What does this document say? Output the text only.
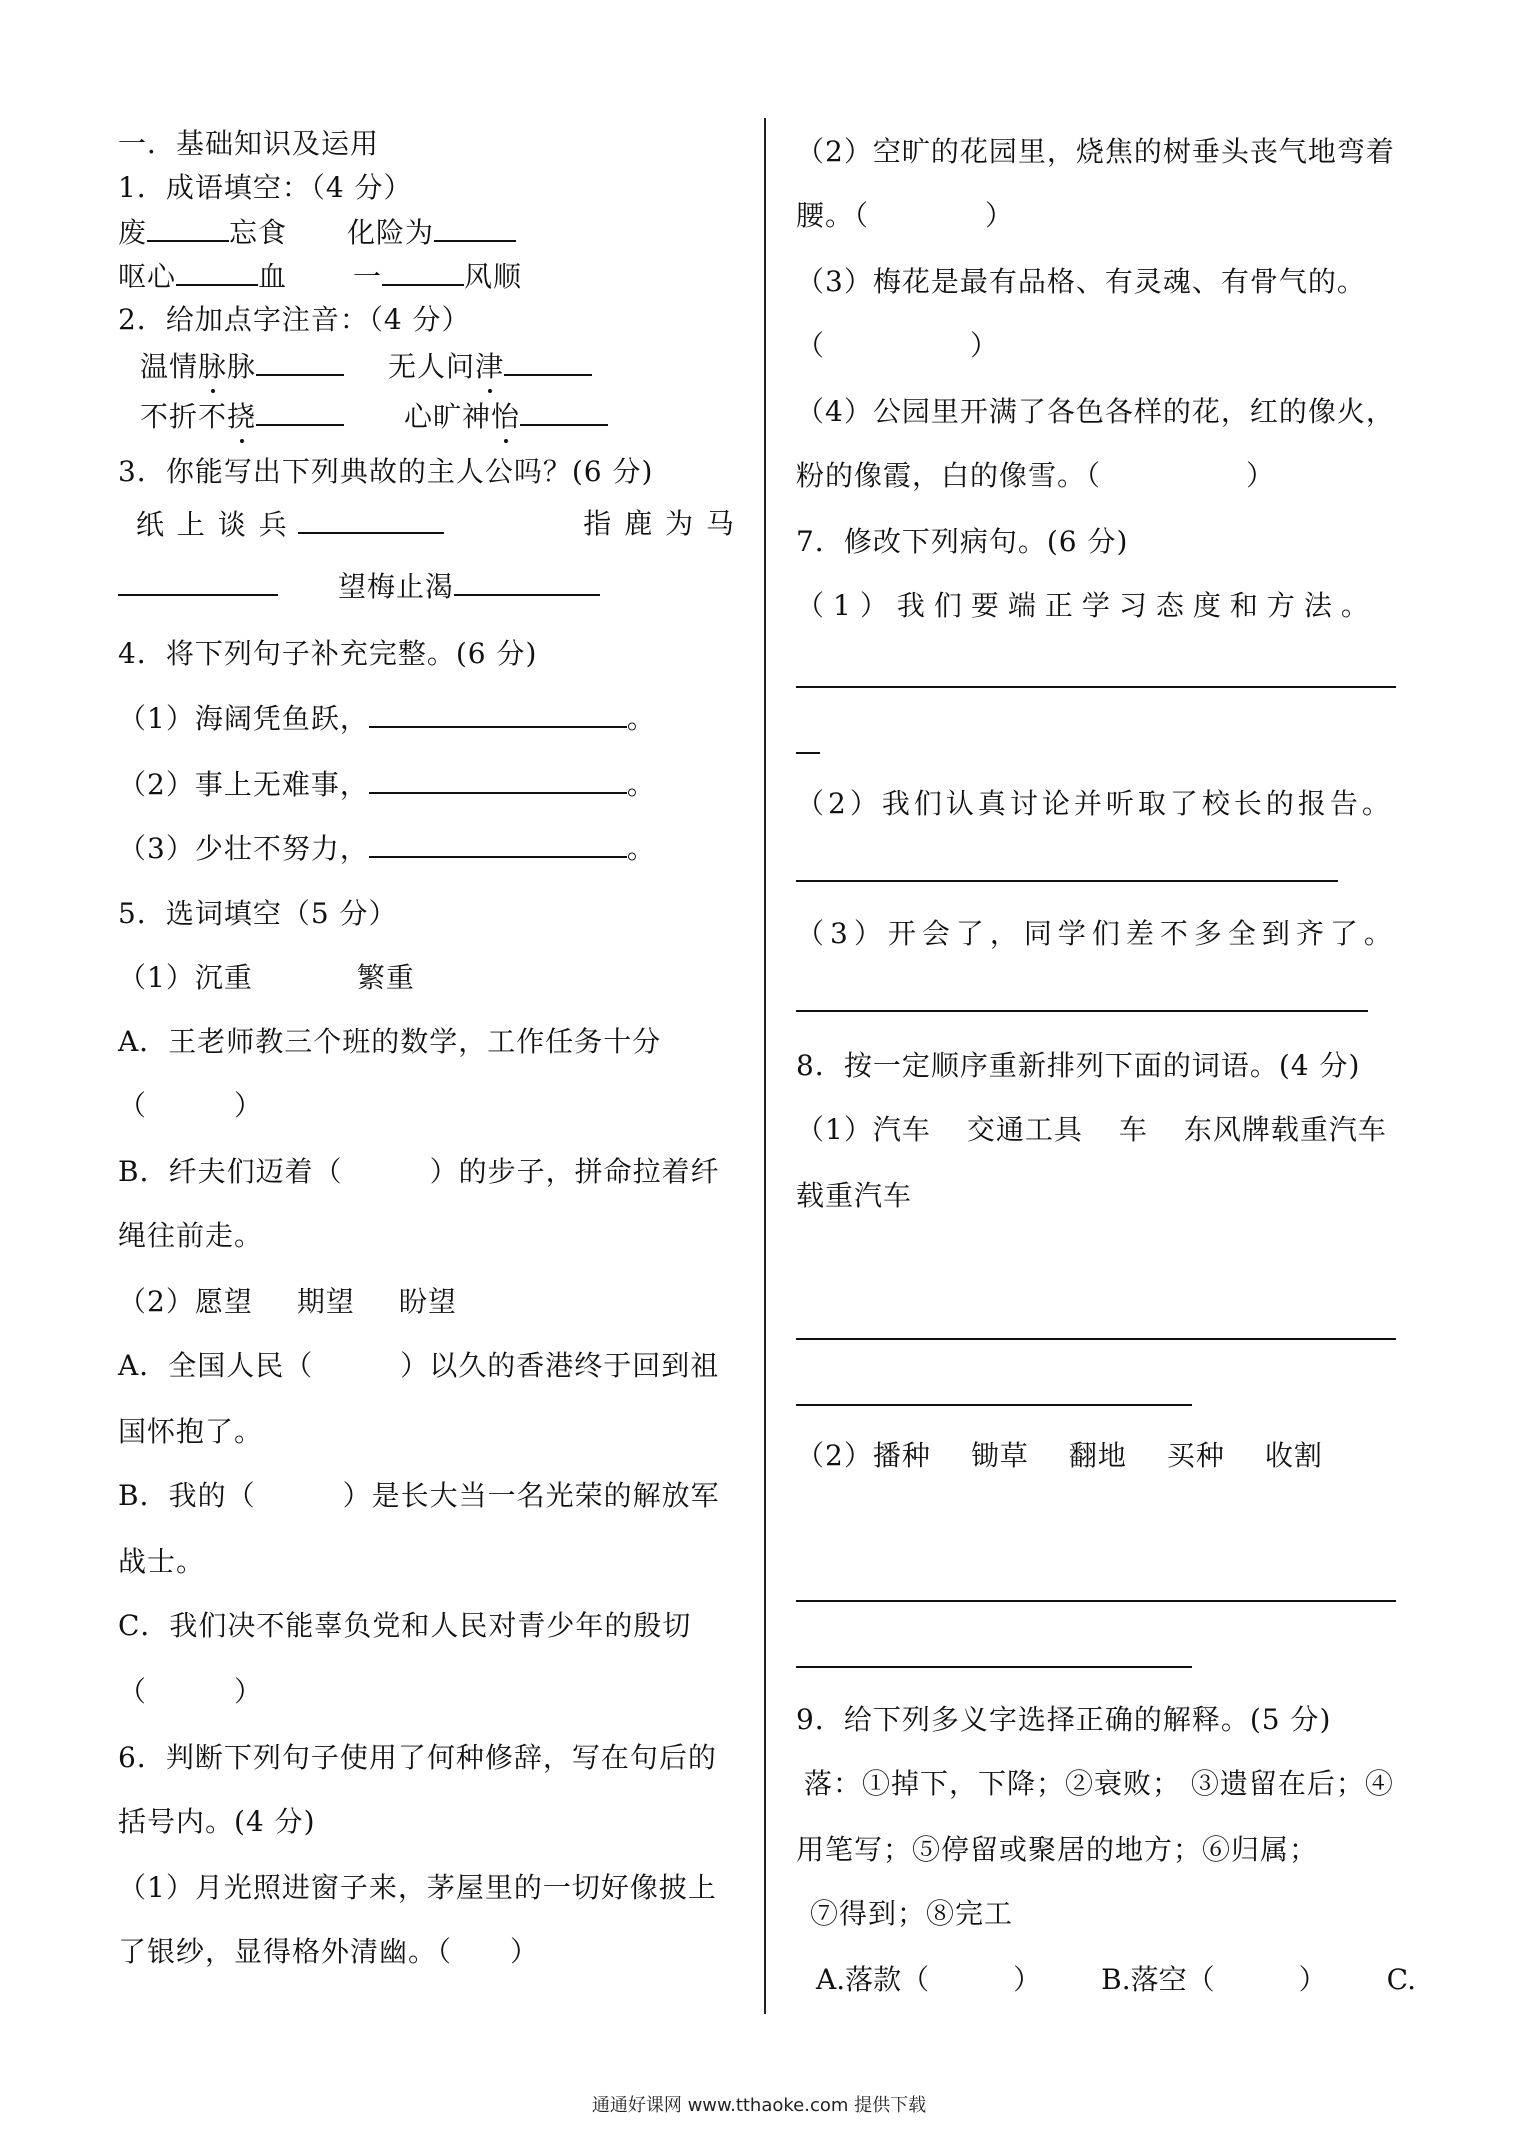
一．基础知识及运用
1．成语填空：（4 分）
废	忘食 化险为
呕心	血 一	风顺
2．给加点字注音：（4 分）
温情脉脉	无人问津
不折不挠	心旷神怡
3．你能写出下列典故的主人公吗？(6 分)
纸 上 谈 兵	指 鹿 为 马
望梅止渴
4．将下列句子补充完整。(6 分)
（1）海阔凭鱼跃，	。
（2）事上无难事，	。
（3）少壮不努力，	。
5．选词填空（5 分）
（1）沉重	繁重
A．王老师教三个班的数学，工作任务十分
（　　　）
B．纤夫们迈着（　　　）的步子，拼命拉着纤
绳往前走。
（2）愿望 期望 盼望
A．全国人民（　　　）以久的香港终于回到祖
国怀抱了。
B．我的（　　　）是长大当一名光荣的解放军
战士。
C．我们决不能辜负党和人民对青少年的殷切
（　　　）
6．判断下列句子使用了何种修辞，写在句后的
括号内。(4 分)
（1）月光照进窗子来，茅屋里的一切好像披上
了银纱，显得格外清幽。（　　）
（2）空旷的花园里，烧焦的树垂头丧气地弯着
腰。（　　　　）
（3）梅花是最有品格、有灵魂、有骨气的。
（　　　　　）
（4）公园里开满了各色各样的花，红的像火，
粉的像霞，白的像雪。（　　　　　）
7．修改下列病句。(6 分)
（1）我们要端正学习态度和方法。
（2）我们认真讨论并听取了校长的报告。
（3）开会了，同学们差不多全到齐了。
8．按一定顺序重新排列下面的词语。(4 分)
（1）汽车 交通工具 车 东风牌载重汽车
载重汽车
（2）播种 锄草 翻地 买种 收割
9．给下列多义字选择正确的解释。(5 分)
落：①掉下，下降；②衰败； ③遗留在后；④
用笔写；⑤停留或聚居的地方；⑥归属；
⑦得到；⑧完工
A.落款（　　　） B.落空（　　　） C.
通通好课网 www.tthaoke.com 提供下载
